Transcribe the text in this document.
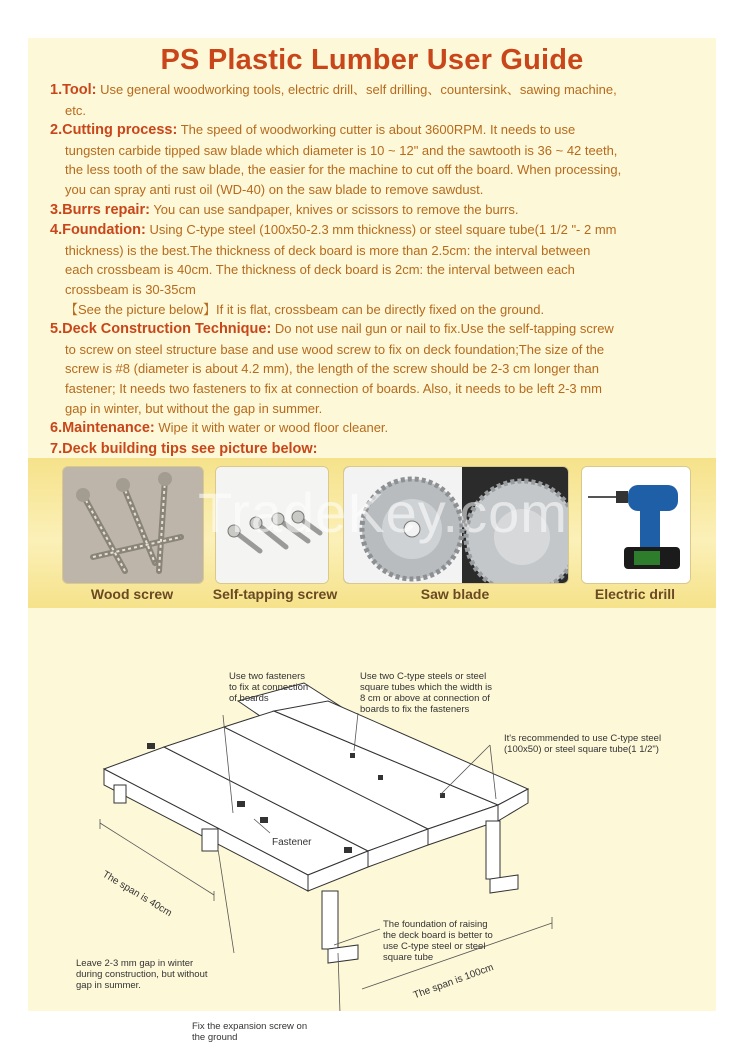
PS Plastic Lumber User Guide
1.Tool: Use general woodworking tools, electric drill、self drilling、countersink、sawing machine,
etc.
2.Cutting process: The speed of woodworking cutter is about 3600RPM. It needs to use
tungsten carbide tipped saw blade which diameter is 10 ~ 12" and the sawtooth is 36 ~ 42 teeth,
the less tooth of the saw blade, the easier for the machine to cut off the board. When processing,
you can spray anti rust oil (WD-40) on the saw blade to remove sawdust.
3.Burrs repair: You can use sandpaper, knives or scissors to remove the burrs.
4.Foundation: Using C-type steel (100x50-2.3 mm thickness) or steel square tube(1 1/2 "- 2 mm
thickness) is the best.The thickness of deck board is more than 2.5cm: the interval between
each crossbeam is 40cm. The thickness of deck board is 2cm: the interval between each
crossbeam is 30-35cm
【See the picture below】If it is flat, crossbeam can be directly fixed on the ground.
5.Deck Construction Technique: Do not use nail gun or nail to fix.Use the self-tapping screw
to screw on steel structure base and use wood screw to fix on deck foundation;The size of the
screw is #8 (diameter is about 4.2 mm), the length of the screw should be 2-3 cm longer than
fastener; It needs two fasteners to fix at connection of boards. Also, it needs to be left 2-3 mm
gap in winter, but without the gap in summer.
6.Maintenance: Wipe it with water or wood floor cleaner.
7.Deck building tips see picture below:
Wood screw	Self-tapping screw	Saw blade	Electric drill
TradeKey.com
Use two fasteners
to fix at connection
of boards
Use two C-type steels or steel
square tubes which the width is
8 cm or above at connection of
boards to fix the fasteners
It's recommended to use C-type steel
(100x50) or steel square tube(1 1/2")
Fastener
The span is 40cm
The foundation of raising
the deck board is better to
use C-type steel or steel
square tube
Leave 2-3 mm gap in winter
during construction, but without
gap in summer.	The span is 100cm
Fix the expansion screw on
the ground
